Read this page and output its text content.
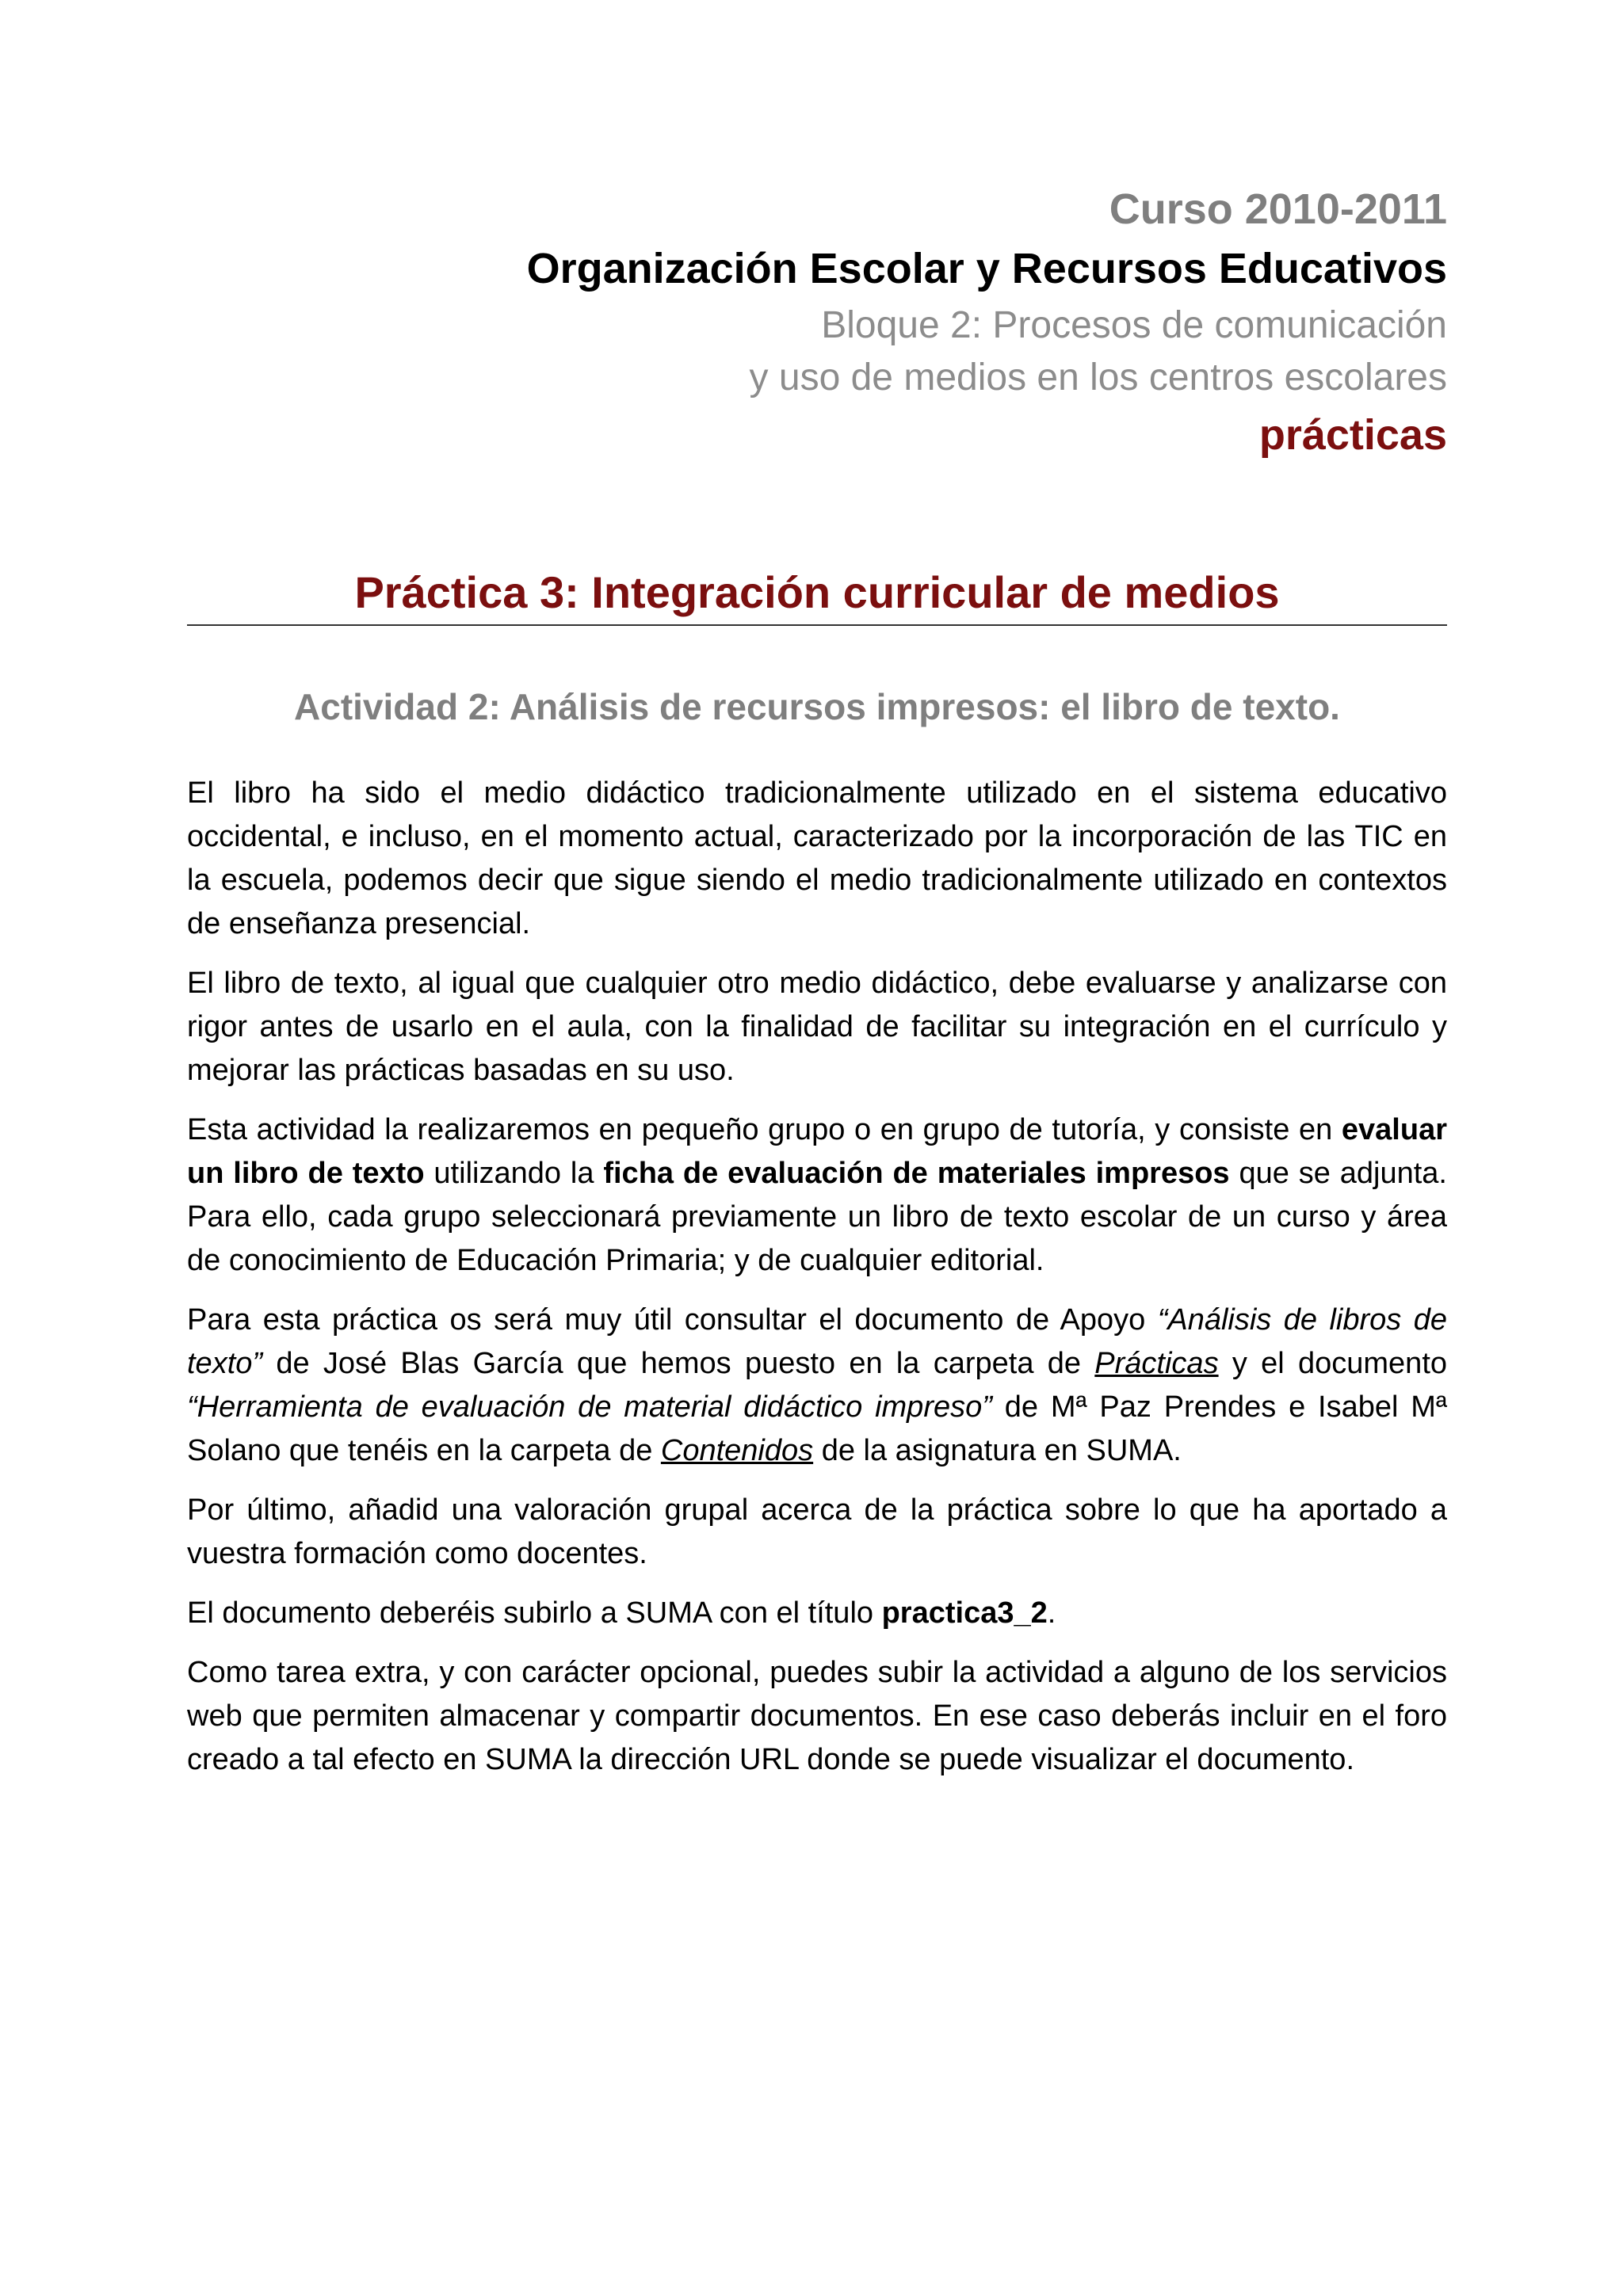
Curso 2010-2011
Organización Escolar y Recursos Educativos
Bloque 2: Procesos de comunicación
y uso de medios en los centros escolares
prácticas
Práctica 3: Integración curricular de medios
Actividad 2: Análisis de recursos impresos: el libro de texto.

El libro ha sido el medio didáctico tradicionalmente utilizado en el sistema educativo occidental, e incluso, en el momento actual, caracterizado por la incorporación de las TIC en la escuela, podemos decir que sigue siendo el medio tradicionalmente utilizado en contextos de enseñanza presencial.

El libro de texto, al igual que cualquier otro medio didáctico, debe evaluarse y analizarse con rigor antes de usarlo en el aula, con la finalidad de facilitar su integración en el currículo y mejorar las prácticas basadas en su uso.

Esta actividad la realizaremos en pequeño grupo o en grupo de tutoría, y consiste en evaluar un libro de texto utilizando la ficha de evaluación de materiales impresos que se adjunta. Para ello, cada grupo seleccionará previamente un libro de texto escolar de un curso y área de conocimiento de Educación Primaria; y de cualquier editorial.

Para esta práctica os será muy útil consultar el documento de Apoyo “Análisis de libros de texto” de José Blas García que hemos puesto en la carpeta de Prácticas y el documento “Herramienta de evaluación de material didáctico impreso” de Mª Paz Prendes e Isabel Mª Solano que tenéis en la carpeta de Contenidos de la asignatura en SUMA.

Por último, añadid una valoración grupal acerca de la práctica sobre lo que ha aportado a vuestra formación como docentes.

El documento deberéis subirlo a SUMA con el título practica3_2.

Como tarea extra, y con carácter opcional, puedes subir la actividad a alguno de los servicios web que permiten almacenar y compartir documentos. En ese caso deberás incluir en el foro creado a tal efecto en SUMA la dirección URL donde se puede visualizar el documento.
